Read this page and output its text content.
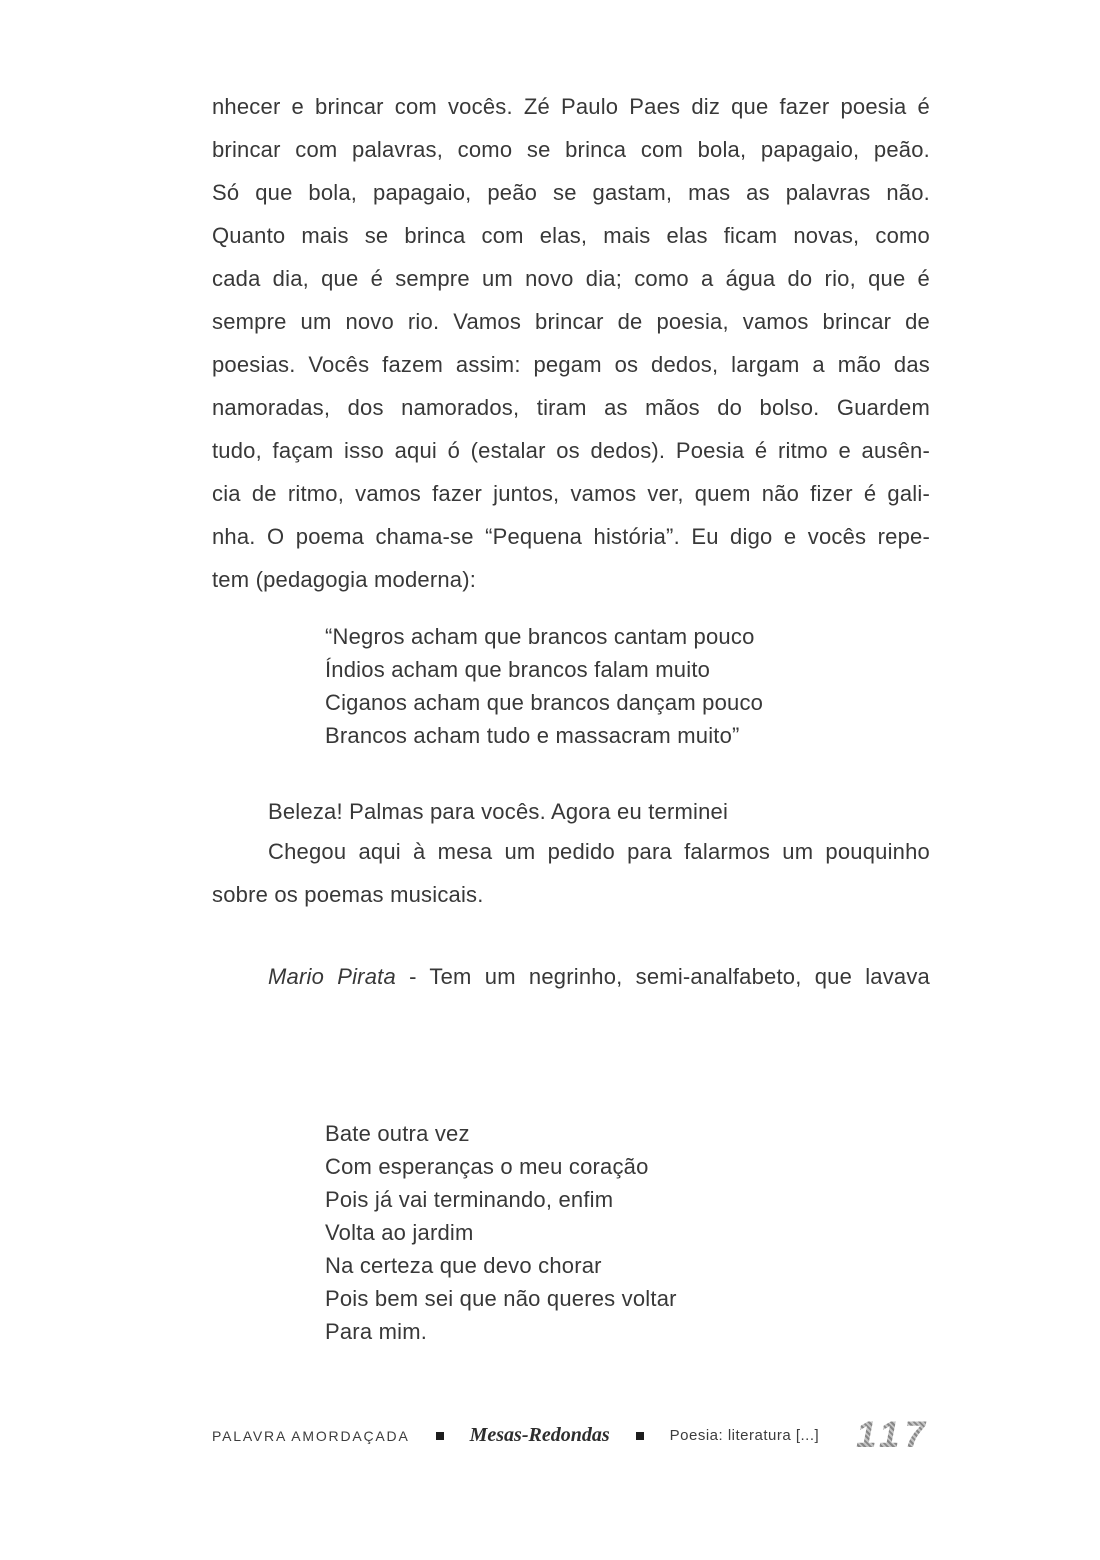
nhecer e brincar com vocês. Zé Paulo Paes diz que fazer poesia é
brincar com palavras, como se brinca com bola, papagaio, peão.
Só que bola, papagaio, peão se gastam, mas as palavras não.
Quanto mais se brinca com elas, mais elas ficam novas, como
cada dia, que é sempre um novo dia; como a água do rio, que é
sempre um novo rio. Vamos brincar de poesia, vamos brincar de
poesias. Vocês fazem assim: pegam os dedos, largam a mão das
namoradas, dos namorados, tiram as mãos do bolso. Guardem
tudo, façam isso aqui ó (estalar os dedos). Poesia é ritmo e ausên-
cia de ritmo, vamos fazer juntos, vamos ver, quem não fizer é gali-
nha. O poema chama-se “Pequena história”. Eu digo e vocês repe-
tem (pedagogia moderna):
“Negros acham que brancos cantam pouco
Índios acham que brancos falam muito
Ciganos acham que brancos dançam pouco
Brancos acham tudo e massacram muito”
Beleza! Palmas para vocês. Agora eu terminei
Chegou aqui à mesa um pedido para falarmos um pouquinho
sobre os poemas musicais.
Mario Pirata - Tem um negrinho, semi-analfabeto, que lavava
Bate outra vez
Com esperanças o meu coração
Pois já vai terminando, enfim
Volta ao jardim
Na certeza que devo chorar
Pois bem sei que não queres voltar
Para mim.
PALAVRA AMORDAÇADA	Mesas-Redondas	Poesia: literatura [...] 117
